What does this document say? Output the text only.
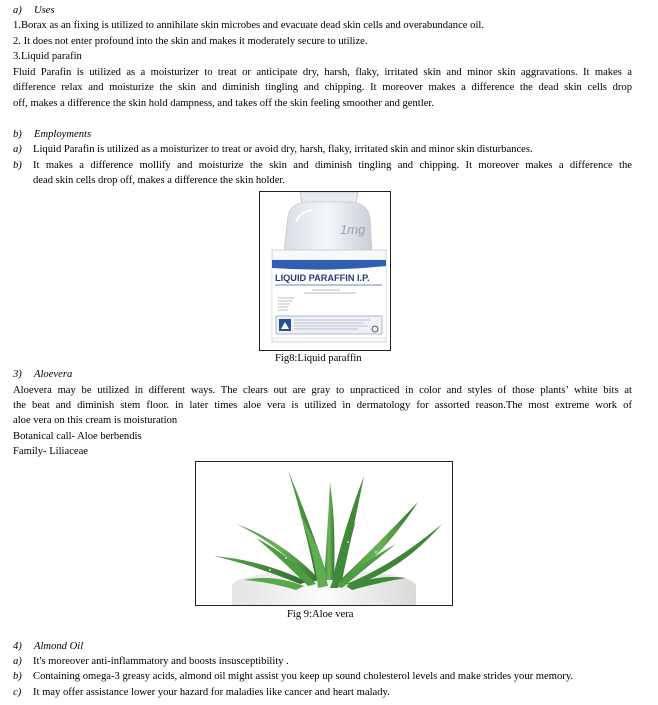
a) Uses
1.Borax as an fixing is utilized to annihilate skin microbes and evacuate dead skin cells and overabundance oil.
2. It does not enter profound into the skin and makes it moderately secure to utilize.
3.Liquid parafin
Fluid Parafin is utilized as a moisturizer to treat or anticipate dry, harsh, flaky, irritated skin and minor skin aggravations. It makes a
difference relax and moisturize the skin and diminish tingling and chipping. It moreover makes a difference the dead skin cells drop
off, makes a difference the skin hold dampness, and takes off the skin feeling smoother and gentler.
b) Employments
a) Liquid Parafin is utilized as a moisturizer to treat or avoid dry, harsh, flaky, irritated skin and minor skin disturbances.
b) It makes a difference mollify and moisturize the skin and diminish tingling and chipping. It moreover makes a difference the
dead skin cells drop off, makes a difference the skin holder.
1mg
LIQUID PARAFFIN I.P.
Fig8:Liquid paraffin
3) Aloevera
Aloevera may be utilized in different ways. The clears out are gray to unpracticed in color and styles of those plants’ white bits at
the beat and diminish stem floor. in later times aloe vera is utilized in dermatology for assorted reason.The most extreme work of
aloe vera on this cream is moisturation
Botanical call- Aloe berbendis
Family- Liliaceae
Fig 9:Aloe vera
4) Almond Oil
a) It's moreover anti-inflammatory and boosts insusceptibility .
b) Containing omega-3 greasy acids, almond oil might assist you keep up sound cholesterol levels and make strides your memory.
c) It may offer assistance lower your hazard for maladies like cancer and heart malady.
